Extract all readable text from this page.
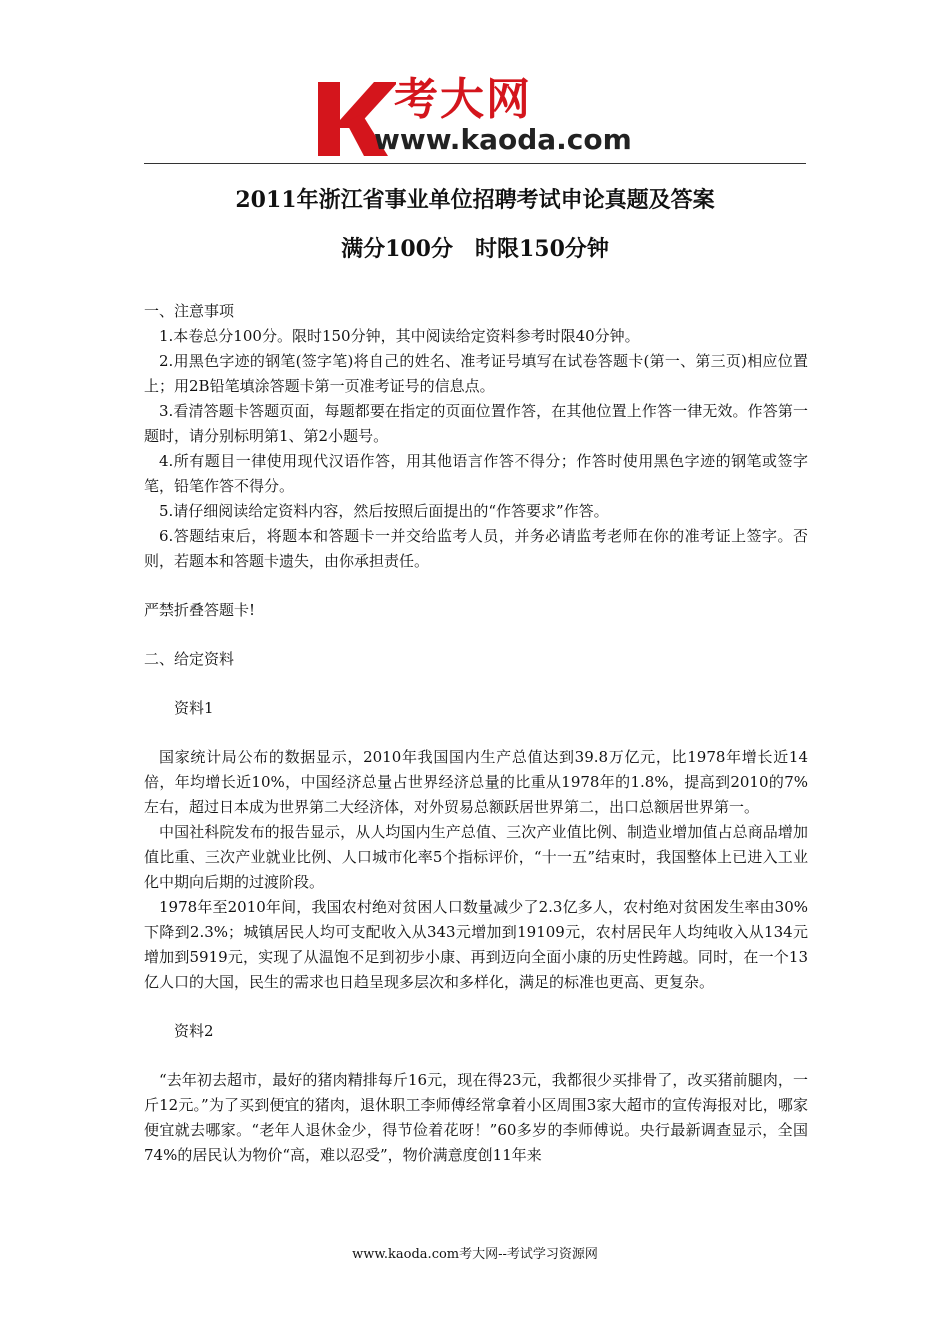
考大网
www.kaoda.com
2011年浙江省事业单位招聘考试申论真题及答案
满分100分　时限150分钟

一、注意事项

1.本卷总分100分。限时150分钟，其中阅读给定资料参考时限40分钟。

2.用黑色字迹的钢笔(签字笔)将自己的姓名、准考证号填写在试卷答题卡(第一、第三页)相应位置上；用2B铅笔填涂答题卡第一页准考证号的信息点。

3.看清答题卡答题页面，每题都要在指定的页面位置作答，在其他位置上作答一律无效。作答第一题时，请分别标明第1、第2小题号。

4.所有题目一律使用现代汉语作答，用其他语言作答不得分；作答时使用黑色字迹的钢笔或签字笔，铅笔作答不得分。

5.请仔细阅读给定资料内容，然后按照后面提出的“作答要求”作答。

6.答题结束后，将题本和答题卡一并交给监考人员，并务必请监考老师在你的准考证上签字。否则，若题本和答题卡遗失，由你承担责任。

严禁折叠答题卡!

二、给定资料

资料1

国家统计局公布的数据显示，2010年我国国内生产总值达到39.8万亿元，比1978年增长近14倍，年均增长近10%，中国经济总量占世界经济总量的比重从1978年的1.8%，提高到2010的7%左右，超过日本成为世界第二大经济体，对外贸易总额跃居世界第二，出口总额居世界第一。

中国社科院发布的报告显示，从人均国内生产总值、三次产业值比例、制造业增加值占总商品增加值比重、三次产业就业比例、人口城市化率5个指标评价，“十一五”结束时，我国整体上已进入工业化中期向后期的过渡阶段。

1978年至2010年间，我国农村绝对贫困人口数量减少了2.3亿多人，农村绝对贫困发生率由30%下降到2.3%；城镇居民人均可支配收入从343元增加到19109元，农村居民年人均纯收入从134元增加到5919元，实现了从温饱不足到初步小康、再到迈向全面小康的历史性跨越。同时，在一个13亿人口的大国，民生的需求也日趋呈现多层次和多样化，满足的标准也更高、更复杂。

资料2

“去年初去超市，最好的猪肉精排每斤16元，现在得23元，我都很少买排骨了，改买猪前腿肉，一斤12元。”为了买到便宜的猪肉，退休职工李师傅经常拿着小区周围3家大超市的宣传海报对比，哪家便宜就去哪家。“老年人退休金少，得节俭着花呀！”60多岁的李师傅说。央行最新调查显示，全国74%的居民认为物价“高，难以忍受”，物价满意度创11年来

www.kaoda.com考大网--考试学习资源网
